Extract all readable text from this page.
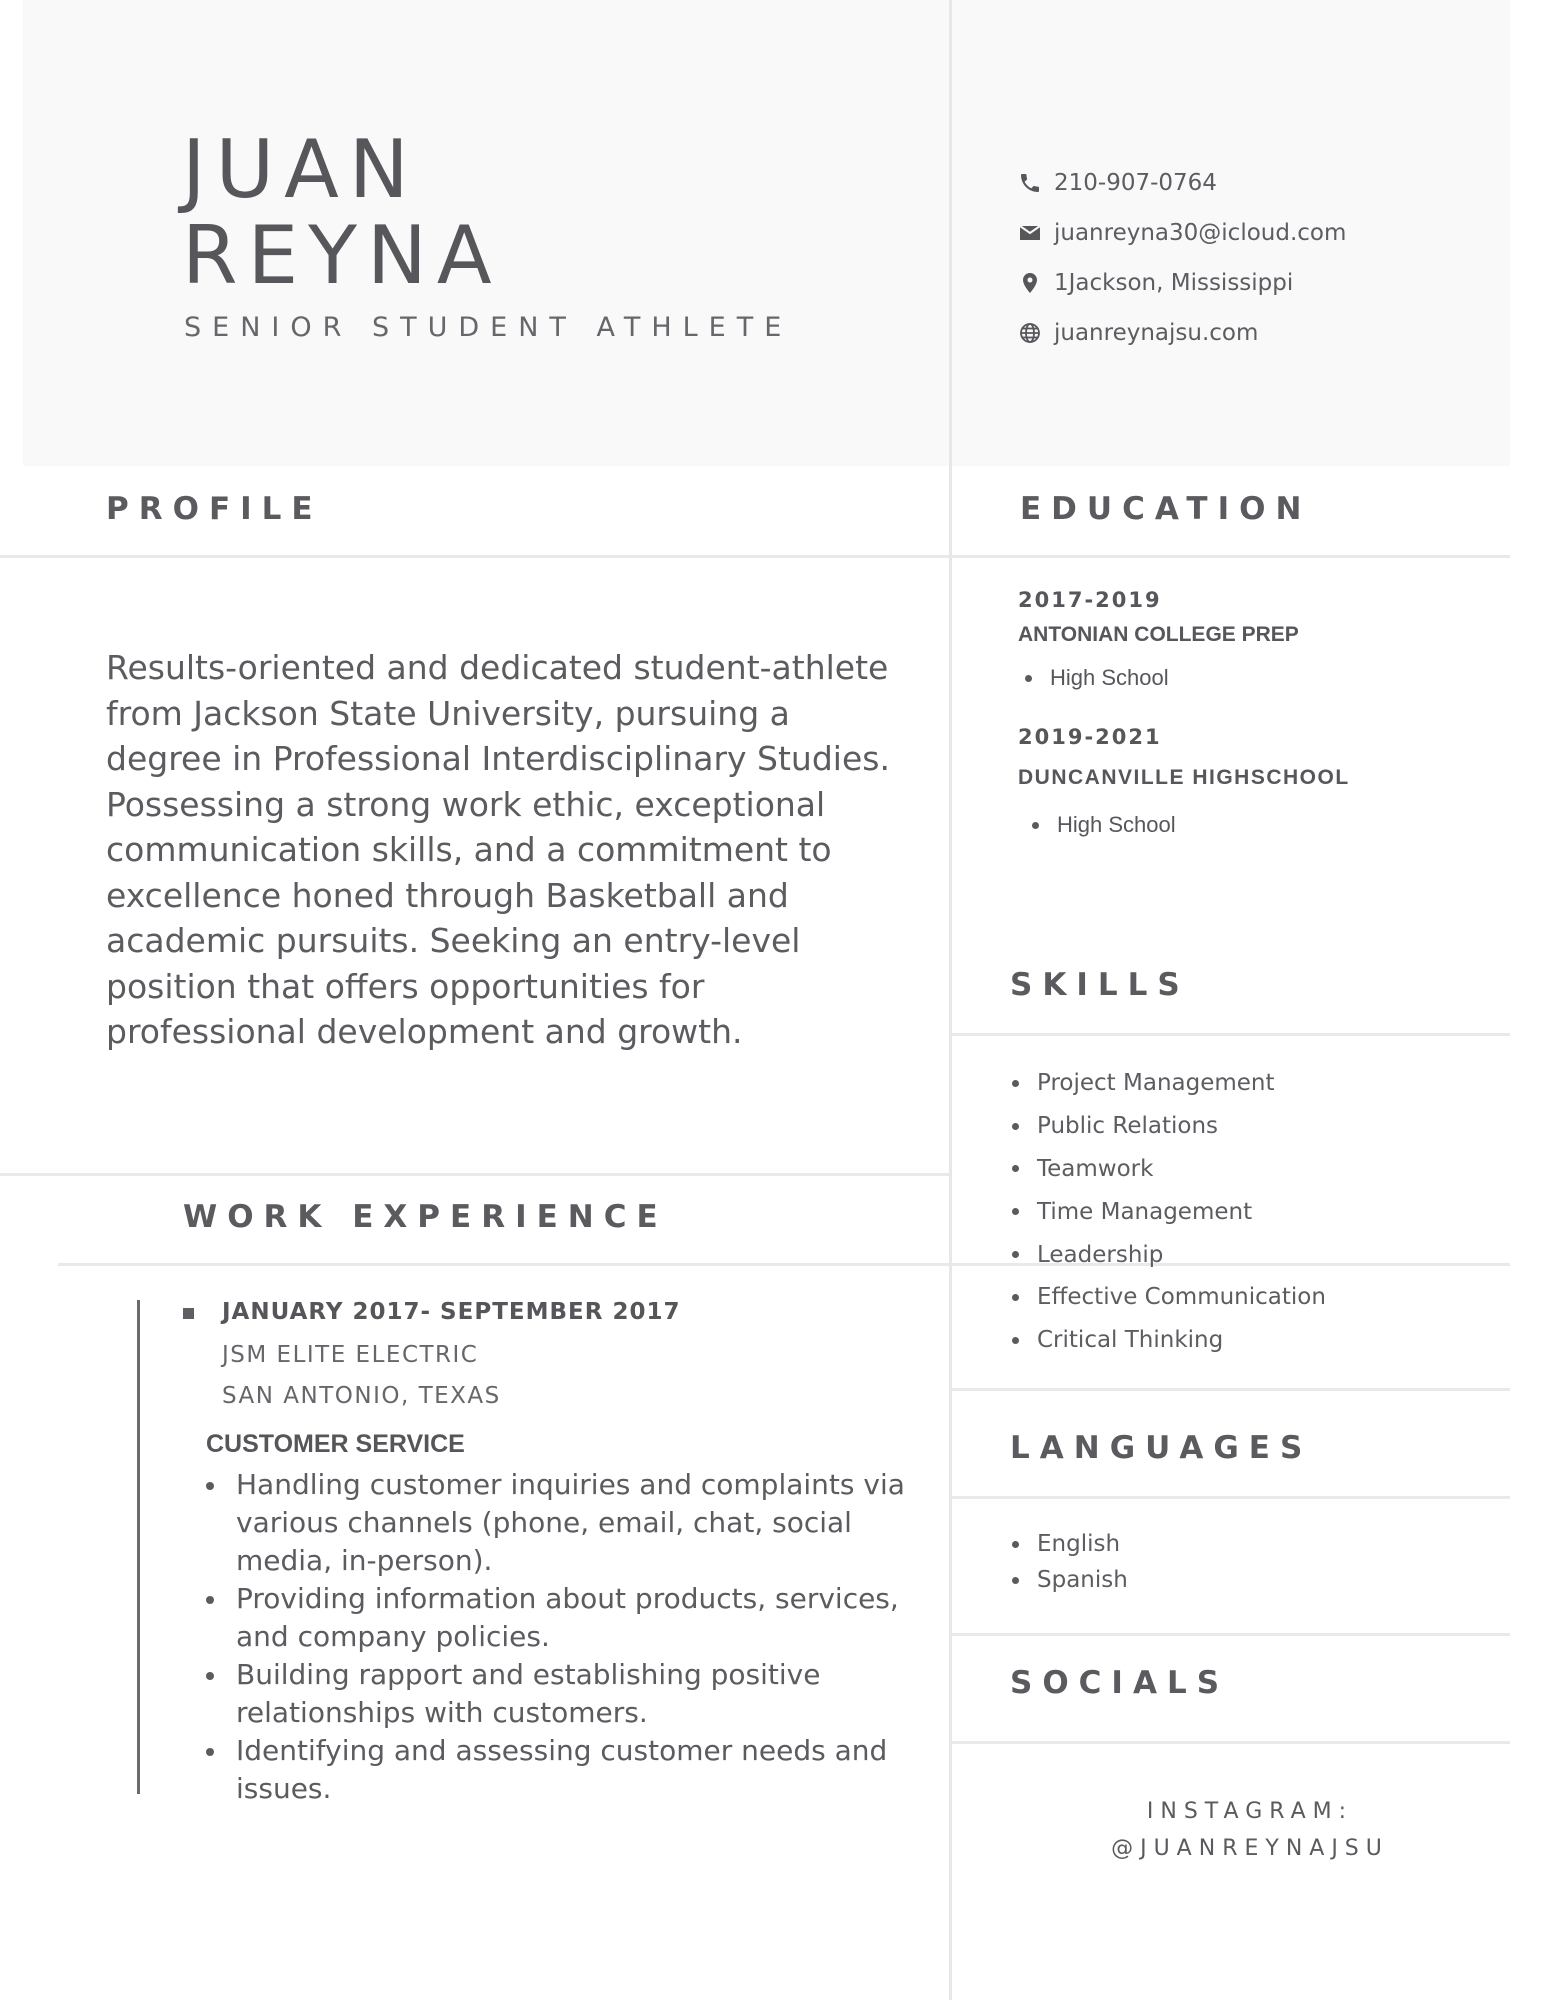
JUAN
REYNA
SENIOR STUDENT ATHLETE
210-907-0764
juanreyna30@icloud.com
1Jackson, Mississippi
juanreynajsu.com
PROFILE
Results-oriented and dedicated student-athlete from Jackson State University, pursuing a degree in Professional Interdisciplinary Studies. Possessing a strong work ethic, exceptional communication skills, and a commitment to excellence honed through Basketball and academic pursuits. Seeking an entry-level position that offers opportunities for professional development and growth.
EDUCATION
2017-2019
ANTONIAN COLLEGE PREP
High School
2019-2021
DUNCANVILLE HIGHSCHOOL
High School
SKILLS
Project Management
Public Relations
Teamwork
Time Management
Leadership
Effective Communication
Critical Thinking
WORK EXPERIENCE
JANUARY 2017- SEPTEMBER 2017
JSM ELITE ELECTRIC
SAN ANTONIO, TEXAS
CUSTOMER SERVICE
Handling customer inquiries and complaints via various channels (phone, email, chat, social media, in-person).
Providing information about products, services, and company policies.
Building rapport and establishing positive relationships with customers.
Identifying and assessing customer needs and issues.
LANGUAGES
English
Spanish
SOCIALS
INSTAGRAM:
@JUANREYNAJSU
